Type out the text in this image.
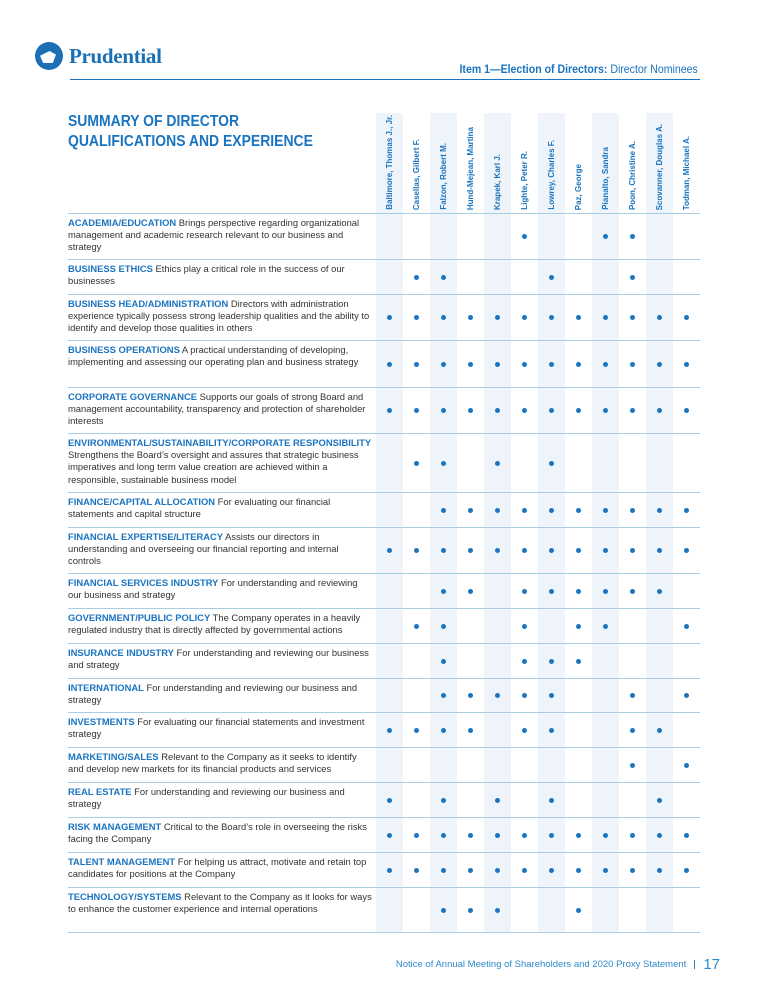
Prudential
Item 1—Election of Directors: Director Nominees
SUMMARY OF DIRECTOR
QUALIFICATIONS AND EXPERIENCE	Baltimore, Thomas J., Jr. Casellas, Gilbert F. Falzon, Robert M. Hund-Mejean, Martina Krapek, Karl J. Lighte, Peter R. Lowrey, Charles F. Paz, George Pianalto, Sandra Poon, Christine A. Scovanner, Douglas A. Todman, Michael A.
ACADEMIA/EDUCATION Brings perspective regarding organizational management and academic research relevant to our business and strategy
BUSINESS ETHICS Ethics play a critical role in the success of our businesses
BUSINESS HEAD/ADMINISTRATION Directors with administration experience typically possess strong leadership qualities and the ability to identify and develop those qualities in others
BUSINESS OPERATIONS A practical understanding of developing, implementing and assessing our operating plan and business strategy
CORPORATE GOVERNANCE Supports our goals of strong Board and management accountability, transparency and protection of shareholder interests
ENVIRONMENTAL/SUSTAINABILITY/CORPORATE RESPONSIBILITY
Strengthens the Board’s oversight and assures that strategic business imperatives and long term value creation are achieved within a responsible, sustainable business model
FINANCE/CAPITAL ALLOCATION For evaluating our financial statements and capital structure
FINANCIAL EXPERTISE/LITERACY Assists our directors in understanding and overseeing our financial reporting and internal controls
FINANCIAL SERVICES INDUSTRY For understanding and reviewing our business and strategy
GOVERNMENT/PUBLIC POLICY The Company operates in a heavily regulated industry that is directly affected by governmental actions
INSURANCE INDUSTRY For understanding and reviewing our business and strategy
INTERNATIONAL For understanding and reviewing our business and strategy
INVESTMENTS For evaluating our financial statements and investment strategy
MARKETING/SALES Relevant to the Company as it seeks to identify and develop new markets for its financial products and services
REAL ESTATE For understanding and reviewing our business and strategy
RISK MANAGEMENT Critical to the Board’s role in overseeing the risks facing the Company
TALENT MANAGEMENT For helping us attract, motivate and retain top candidates for positions at the Company
TECHNOLOGY/SYSTEMS Relevant to the Company as it looks for ways to enhance the customer experience and internal operations
Notice of Annual Meeting of Shareholders and 2020 Proxy Statement 17
